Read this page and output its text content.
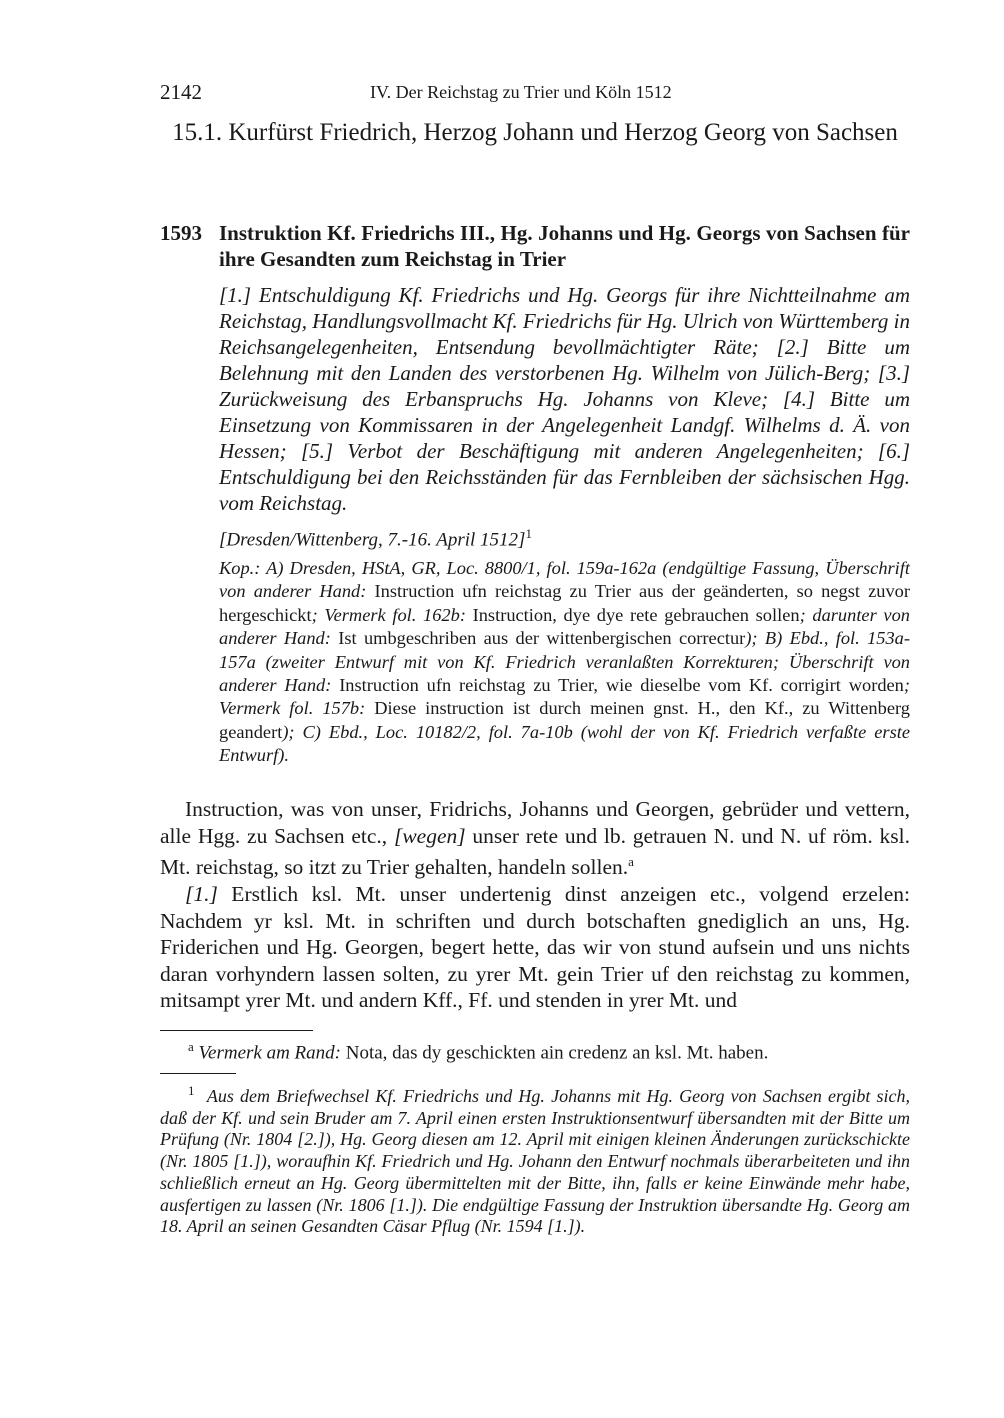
2142	IV. Der Reichstag zu Trier und Köln 1512
15.1. Kurfürst Friedrich, Herzog Johann und Herzog Georg von Sachsen
1593 Instruktion Kf. Friedrichs III., Hg. Johanns und Hg. Georgs von Sachsen für ihre Gesandten zum Reichstag in Trier
[1.] Entschuldigung Kf. Friedrichs und Hg. Georgs für ihre Nichtteilnahme am Reichstag, Handlungsvollmacht Kf. Friedrichs für Hg. Ulrich von Württemberg in Reichsangelegenheiten, Entsendung bevollmächtigter Räte; [2.] Bitte um Belehnung mit den Landen des verstorbenen Hg. Wilhelm von Jülich-Berg; [3.] Zurückweisung des Erbanspruchs Hg. Johanns von Kleve; [4.] Bitte um Einsetzung von Kommissaren in der Angelegenheit Landgf. Wilhelms d. Ä. von Hessen; [5.] Verbot der Beschäftigung mit anderen Angelegenheiten; [6.] Entschuldigung bei den Reichsständen für das Fernbleiben der sächsischen Hgg. vom Reichstag.
[Dresden/Wittenberg, 7.-16. April 1512]$^1$
Kop.: A) Dresden, HStA, GR, Loc. 8800/1, fol. 159a-162a (endgültige Fassung, Überschrift von anderer Hand: Instruction ufn reichstag zu Trier aus der geänderten, so negst zuvor hergeschickt; Vermerk fol. 162b: Instruction, dye dye rete gebrauchen sollen; darunter von anderer Hand: Ist umbgeschriben aus der wittenbergischen correctur); B) Ebd., fol. 153a-157a (zweiter Entwurf mit von Kf. Friedrich veranlaßten Korrekturen; Überschrift von anderer Hand: Instruction ufn reichstag zu Trier, wie dieselbe vom Kf. corrigirt worden; Vermerk fol. 157b: Diese instruction ist durch meinen gnst. H., den Kf., zu Wittenberg geandert); C) Ebd., Loc. 10182/2, fol. 7a-10b (wohl der von Kf. Friedrich verfaßte erste Entwurf).

Instruction, was von unser, Fridrichs, Johanns und Georgen, gebrüder und vettern, alle Hgg. zu Sachsen etc., [wegen] unser rete und lb. getrauen N. und N. uf röm. ksl. Mt. reichstag, so itzt zu Trier gehalten, handeln sollen.$^a$

[1.] Erstlich ksl. Mt. unser undertenig dinst anzeigen etc., volgend erzelen: Nachdem yr ksl. Mt. in schriften und durch botschaften gnediglich an uns, Hg. Friderichen und Hg. Georgen, begert hette, das wir von stund aufsein und uns nichts daran vorhyndern lassen solten, zu yrer Mt. gein Trier uf den reichstag zu kommen, mitsampt yrer Mt. und andern Kff., Ff. und stenden in yrer Mt. und

$^a$ Vermerk am Rand: Nota, das dy geschickten ain credenz an ksl. Mt. haben.

$^1$ Aus dem Briefwechsel Kf. Friedrichs und Hg. Johanns mit Hg. Georg von Sachsen ergibt sich, daß der Kf. und sein Bruder am 7. April einen ersten Instruktionsentwurf übersandten mit der Bitte um Prüfung (Nr. 1804 [2.]), Hg. Georg diesen am 12. April mit einigen kleinen Änderungen zurückschickte (Nr. 1805 [1.]), woraufhin Kf. Friedrich und Hg. Johann den Entwurf nochmals überarbeiteten und ihn schließlich erneut an Hg. Georg übermittelten mit der Bitte, ihn, falls er keine Einwände mehr habe, ausfertigen zu lassen (Nr. 1806 [1.]). Die endgültige Fassung der Instruktion übersandte Hg. Georg am 18. April an seinen Gesandten Cäsar Pflug (Nr. 1594 [1.]).
